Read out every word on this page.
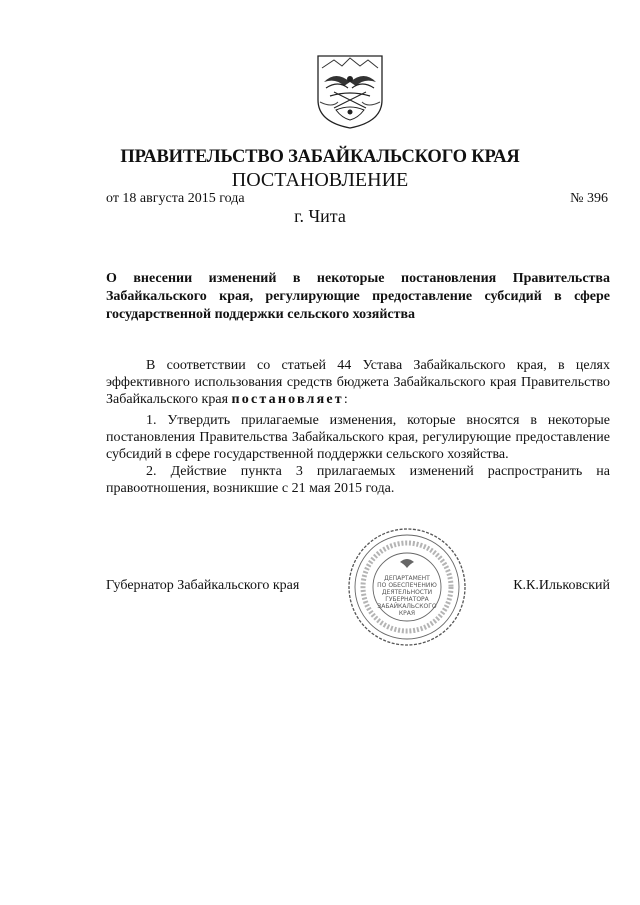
ПРАВИТЕЛЬСТВО ЗАБАЙКАЛЬСКОГО КРАЯ
ПОСТАНОВЛЕНИЕ
от 18 августа 2015 года	№ 396
г. Чита

О внесении изменений в некоторые постановления Правительства Забайкальского края, регулирующие предоставление субсидий в сфере государственной поддержки сельского хозяйства

В соответствии со статьей 44 Устава Забайкальского края, в целях эффективного использования средств бюджета Забайкальского края Правительство Забайкальского края постановляет:

1. Утвердить прилагаемые изменения, которые вносятся в некоторые постановления Правительства Забайкальского края, регулирующие предоставление субсидий в сфере государственной поддержки сельского хозяйства.

2. Действие пункта 3 прилагаемых изменений распространить на правоотношения, возникшие с 21 мая 2015 года.

ДЕПАРТАМЕНТ
ПО ОБЕСПЕЧЕНИЮ
ДЕЯТЕЛЬНОСТИ
ГУБЕРНАТОРА
ЗАБАЙКАЛЬСКОГО
КРАЯ
Губернатор Забайкальского края	К.К.Ильковский
